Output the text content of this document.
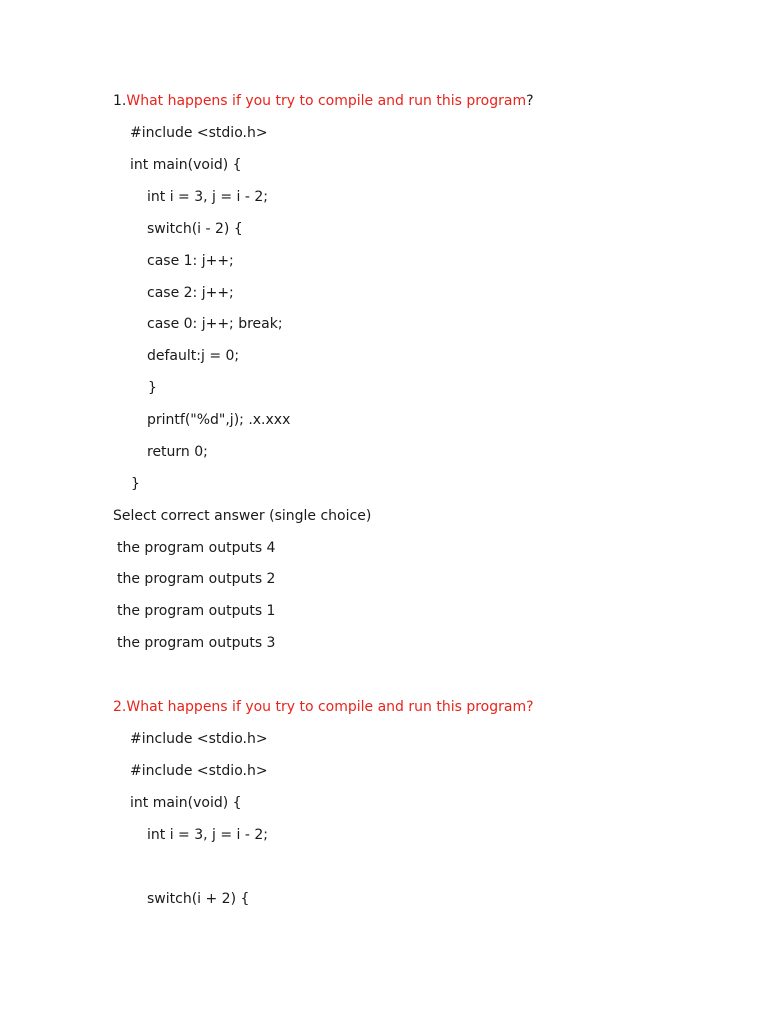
1.What happens if you try to compile and run this program?
#include <stdio.h>
int main(void) {
int i = 3, j = i - 2;
switch(i - 2) {
case 1: j++;
case 2: j++;
case 0: j++; break;
default:j = 0;
}
printf("%d",j); .x.xxx
return 0;
}
Select correct answer (single choice)
the program outputs 4
the program outputs 2
the program outputs 1
the program outputs 3
2.What happens if you try to compile and run this program?
#include <stdio.h>
#include <stdio.h>
int main(void) {
int i = 3, j = i - 2;
switch(i + 2) {
